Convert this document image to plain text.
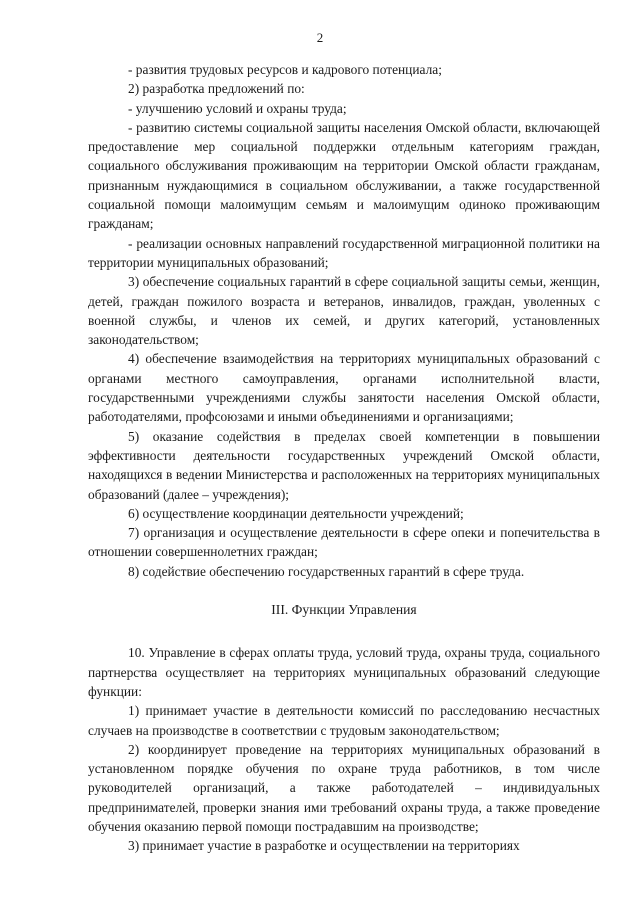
2

- развития трудовых ресурсов и кадрового потенциала;

2) разработка предложений по:

- улучшению условий и охраны труда;

- развитию системы социальной защиты населения Омской области, включающей предоставление мер социальной поддержки отдельным категориям граждан, социального обслуживания проживающим на территории Омской области гражданам, признанным нуждающимися в социальном обслуживании, а также государственной социальной помощи малоимущим семьям и малоимущим одиноко проживающим гражданам;

- реализации основных направлений государственной миграционной политики на территории муниципальных образований;

3) обеспечение социальных гарантий в сфере социальной защиты семьи, женщин, детей, граждан пожилого возраста и ветеранов, инвалидов, граждан, уволенных с военной службы, и членов их семей, и других категорий, установленных законодательством;

4) обеспечение взаимодействия на территориях муниципальных образований с органами местного самоуправления, органами исполнительной власти, государственными учреждениями службы занятости населения Омской области, работодателями, профсоюзами и иными объединениями и организациями;

5) оказание содействия в пределах своей компетенции в повышении эффективности деятельности государственных учреждений Омской области, находящихся в ведении Министерства и расположенных на территориях муниципальных образований (далее – учреждения);

6) осуществление координации деятельности учреждений;

7) организация и осуществление деятельности в сфере опеки и попечительства в отношении совершеннолетних граждан;

8) содействие обеспечению государственных гарантий в сфере труда.

III. Функции Управления

10. Управление в сферах оплаты труда, условий труда, охраны труда, социального партнерства осуществляет на территориях муниципальных образований следующие функции:

1) принимает участие в деятельности комиссий по расследованию несчастных случаев на производстве в соответствии с трудовым законодательством;

2) координирует проведение на территориях муниципальных образований в установленном порядке обучения по охране труда работников, в том числе руководителей организаций, а также работодателей – индивидуальных предпринимателей, проверки знания ими требований охраны труда, а также проведение обучения оказанию первой помощи пострадавшим на производстве;

3) принимает участие в разработке и осуществлении на территориях
